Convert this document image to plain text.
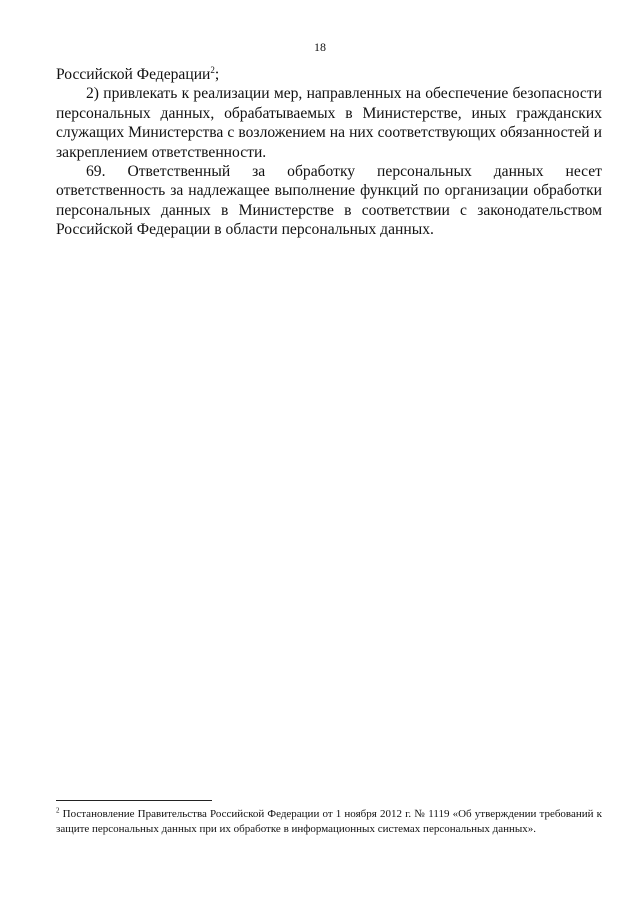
18

Российской Федерации$^2$;

2) привлекать к реализации мер, направленных на обеспечение безопасности персональных данных, обрабатываемых в Министерстве, иных гражданских служащих Министерства с возложением на них соответствующих обязанностей и закреплением ответственности.

69. Ответственный за обработку персональных данных несет ответственность за надлежащее выполнение функций по организации обработки персональных данных в Министерстве в соответствии с законодательством Российской Федерации в области персональных данных.

$^2$ Постановление Правительства Российской Федерации от 1 ноября 2012 г. № 1119 «Об утверждении требований к защите персональных данных при их обработке в информационных системах персональных данных».
